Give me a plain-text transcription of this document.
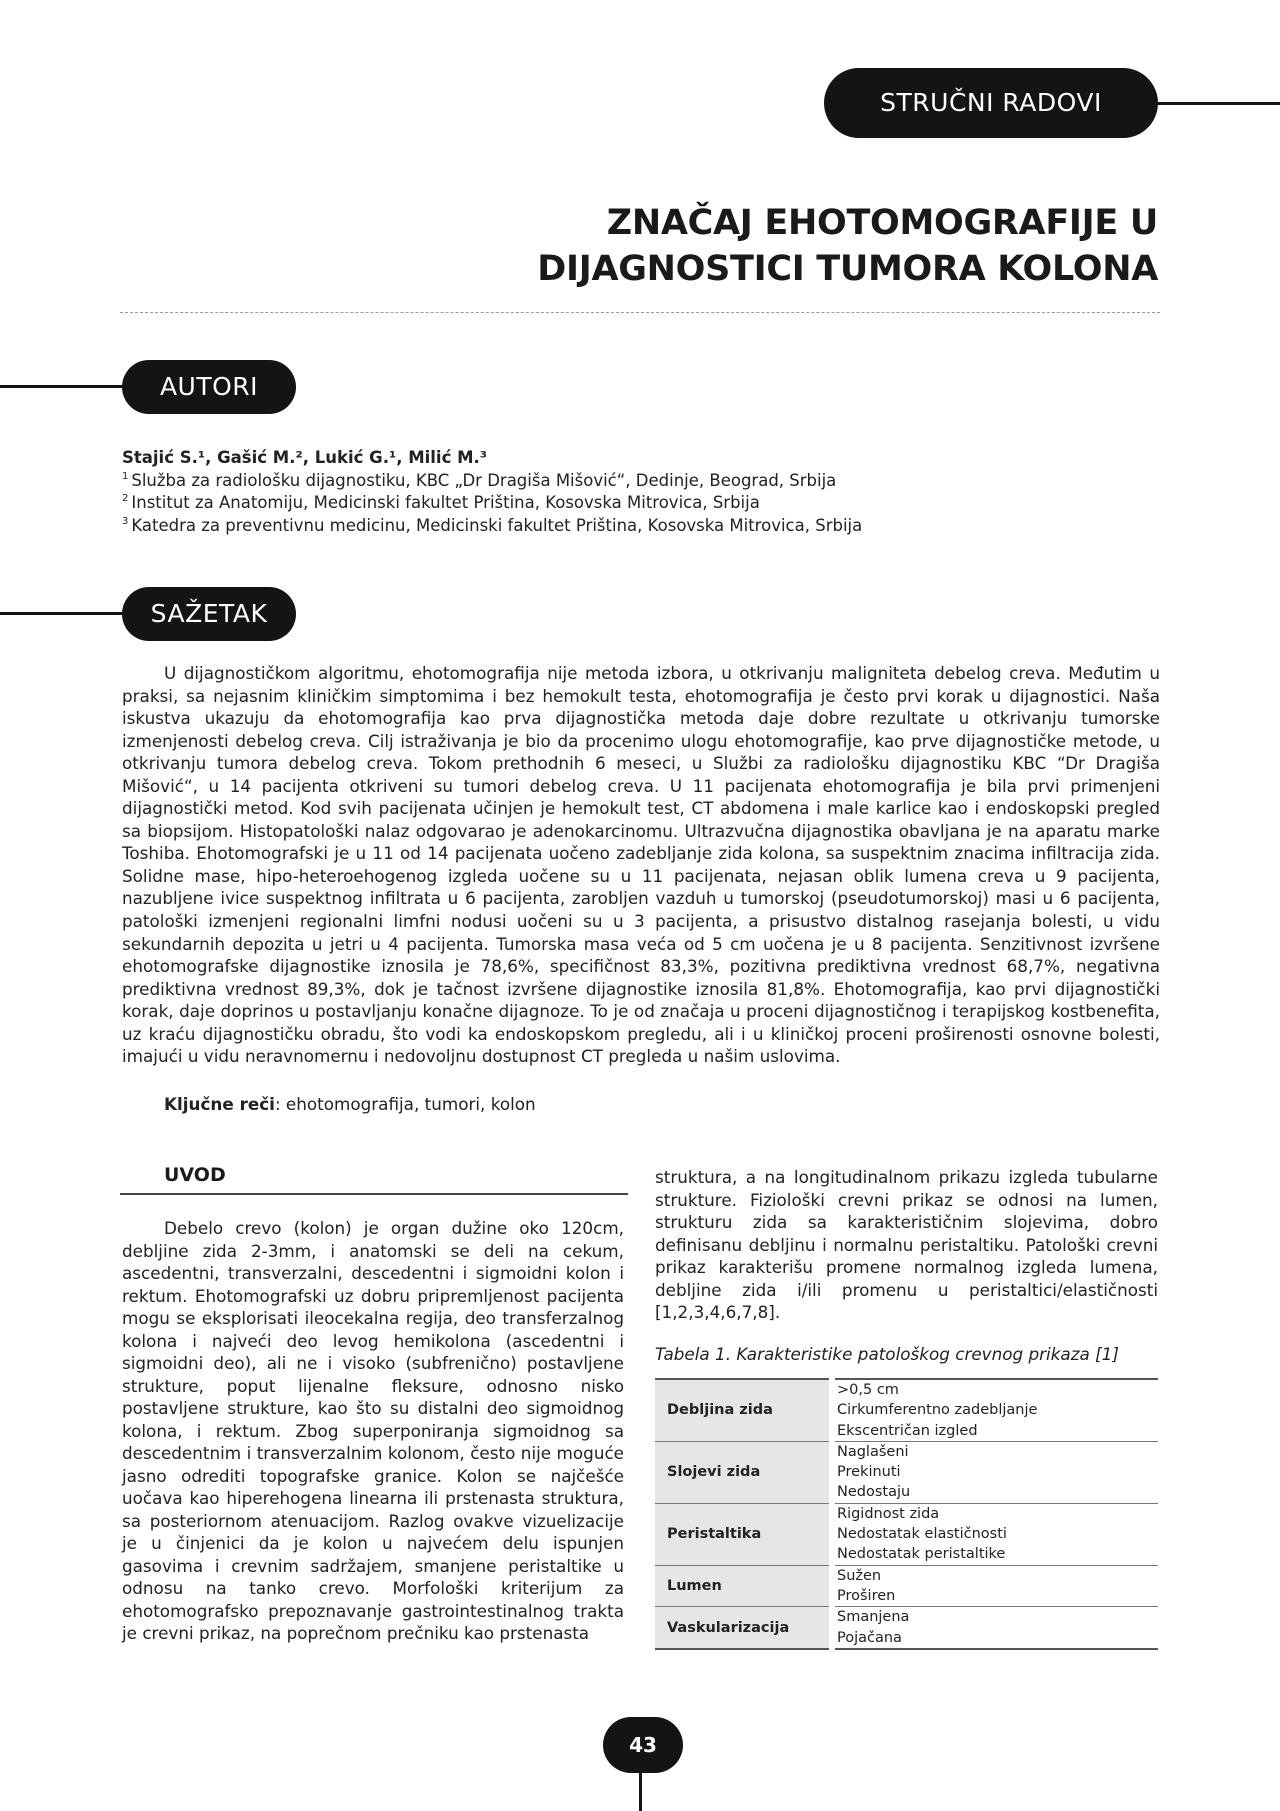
STRUČNI RADOVI
ZNAČAJ EHOTOMOGRAFIJE U
DIJAGNOSTICI TUMORA KOLONA
AUTORI
Stajić S.¹, Gašić M.², Lukić G.¹, Milić M.³
$^1$ Služba za radiološku dijagnostiku, KBC „Dr Dragiša Mišović“, Dedinje, Beograd, Srbija
$^2$ Institut za Anatomiju, Medicinski fakultet Priština, Kosovska Mitrovica, Srbija
$^3$ Katedra za preventivnu medicinu, Medicinski fakultet Priština, Kosovska Mitrovica, Srbija
SAŽETAK

U dijagnostičkom algoritmu, ehotomografija nije metoda izbora, u otkrivanju maligniteta debelog creva. Međutim u praksi, sa nejasnim kliničkim simptomima i bez hemokult testa, ehotomografija je često prvi korak u dijagnostici. Naša iskustva ukazuju da ehotomografija kao prva dijagnostička metoda daje dobre rezultate u otkrivanju tumorske izmenjenosti debelog creva. Cilj istraživanja je bio da procenimo ulogu ehotomografije, kao prve dijagnostičke metode, u otkrivanju tumora debelog creva. Tokom prethodnih 6 meseci, u Službi za radiološku dijagnostiku KBC “Dr Dragiša Mišović“, u 14 pacijenta otkriveni su tumori debelog creva. U 11 pacijenata ehotomografija je bila prvi primenjeni dijagnostički metod. Kod svih pacijenata učinjen je hemokult test, CT abdomena i male karlice kao i endoskopski pregled sa biopsijom. Histopatološki nalaz odgovarao je adenokarcinomu. Ultrazvučna dijagnostika obavljana je na aparatu marke Toshiba. Ehotomografski je u 11 od 14 pacijenata uočeno zadebljanje zida kolona, sa suspektnim znacima infiltracija zida. Solidne mase, hipo-heteroehogenog izgleda uočene su u 11 pacijenata, nejasan oblik lumena creva u 9 pacijenta, nazubljene ivice suspektnog infiltrata u 6 pacijenta, zarobljen vazduh u tumorskoj (pseudotumorskoj) masi u 6 pacijenta, patološki izmenjeni regionalni limfni nodusi uočeni su u 3 pacijenta, a prisustvo distalnog rasejanja bolesti, u vidu sekundarnih depozita u jetri u 4 pacijenta. Tumorska masa veća od 5 cm uočena je u 8 pacijenta. Senzitivnost izvršene ehotomografske dijagnostike iznosila je 78,6%, specifičnost 83,3%, pozitivna prediktivna vrednost 68,7%, negativna prediktivna vrednost 89,3%, dok je tačnost izvršene dijagnostike iznosila 81,8%. Ehotomografija, kao prvi dijagnostički korak, daje doprinos u postavljanju konačne dijagnoze. To je od značaja u proceni dijagnostičnog i terapijskog kostbenefita, uz kraću dijagnostičku obradu, što vodi ka endoskopskom pregledu, ali i u kliničkoj proceni proširenosti osnovne bolesti, imajući u vidu neravnomernu i nedovoljnu dostupnost CT pregleda u našim uslovima.

Ključne reči: ehotomografija, tumori, kolon
UVOD

Debelo crevo (kolon) je organ dužine oko 120cm, debljine zida 2-3mm, i anatomski se deli na cekum, ascedentni, transverzalni, descedentni i sigmoidni kolon i rektum. Ehotomografski uz dobru pripremljenost pacijenta mogu se eksplorisati ileocekalna regija, deo transferzalnog kolona i najveći deo levog hemikolona (ascedentni i sigmoidni deo), ali ne i visoko (subfrenično) postavljene strukture, poput lijenalne fleksure, odnosno nisko postavljene strukture, kao što su distalni deo sigmoidnog kolona, i rektum. Zbog superponiranja sigmoidnog sa descedentnim i transverzalnim kolonom, često nije moguće jasno odrediti topografske granice. Kolon se najčešće uočava kao hiperehogena linearna ili prstenasta struktura, sa posteriornom atenuacijom. Razlog ovakve vizuelizacije je u činjenici da je kolon u najvećem delu ispunjen gasovima i crevnim sadržajem, smanjene peristaltike u odnosu na tanko crevo. Morfološki kriterijum za ehotomografsko prepoznavanje gastrointestinalnog trakta je crevni prikaz, na poprečnom prečniku kao prstenasta

struktura, a na longitudinalnom prikazu izgleda tubularne strukture. Fiziološki crevni prikaz se odnosi na lumen, strukturu zida sa karakterističnim slojevima, dobro definisanu debljinu i normalnu peristaltiku. Patološki crevni prikaz karakterišu promene normalnog izgleda lumena, debljine zida i/ili promenu u peristaltici/elastičnosti [1,2,3,4,6,7,8].

Tabela 1. Karakteristike patološkog crevnog prikaza [1]
Debljina zida	>0,5 cm
Cirkumferentno zadebljanje
Ekscentričan izgled

Slojevi zida	Naglašeni
Prekinuti
Nedostaju

Peristaltika	Rigidnost zida
Nedostatak elastičnosti
Nedostatak peristaltike

Lumen	Sužen
Proširen

Vaskularizacija	Smanjena
Pojačana
43
